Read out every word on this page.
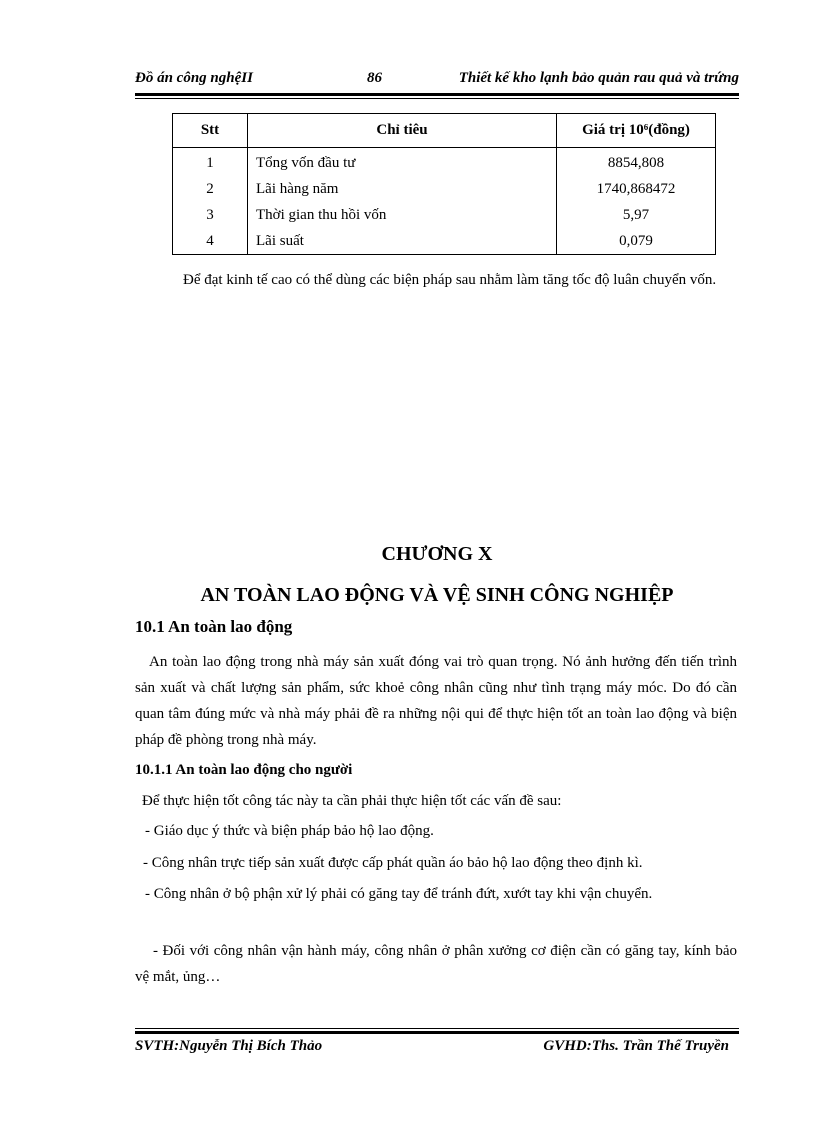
Đồ án công nghệII	86	Thiết kế kho lạnh bảo quản rau quả và trứng
Stt	Chỉ tiêu	Giá trị 10⁶(đồng)
1	Tổng vốn đầu tư	8854,808
2	Lãi hàng năm	1740,868472
3	Thời gian thu hồi vốn	5,97
4	Lãi suất	0,079
Để đạt kinh tế cao có thể dùng các biện pháp sau nhằm làm tăng tốc độ luân chuyển vốn.
CHƯƠNG X
AN TOÀN LAO ĐỘNG VÀ VỆ SINH CÔNG NGHIỆP
10.1 An toàn lao động
An toàn lao động trong nhà máy sản xuất đóng vai trò quan trọng. Nó ảnh hưởng đến tiến trình sản xuất và chất lượng sản phẩm, sức khoẻ công nhân cũng như tình trạng máy móc. Do đó cần quan tâm đúng mức và nhà máy phải đề ra những nội qui để thực hiện tốt an toàn lao động và biện pháp đề phòng trong nhà máy.
10.1.1 An toàn lao động cho người
Để thực hiện tốt công tác này ta cần phải thực hiện tốt các vấn đề sau:
- Giáo dục ý thức và biện pháp bảo hộ lao động.
- Công nhân trực tiếp sản xuất được cấp phát quần áo bảo hộ lao động theo định kì.
- Công nhân ở bộ phận xử lý phải có găng tay để tránh đứt, xướt tay khi vận chuyển.
- Đối với công nhân vận hành máy, công nhân ở phân xưởng cơ điện cần có găng tay, kính bảo vệ mắt, ủng…
SVTH:Nguyễn Thị Bích Thảo	GVHD:Ths. Trần Thế Truyền
